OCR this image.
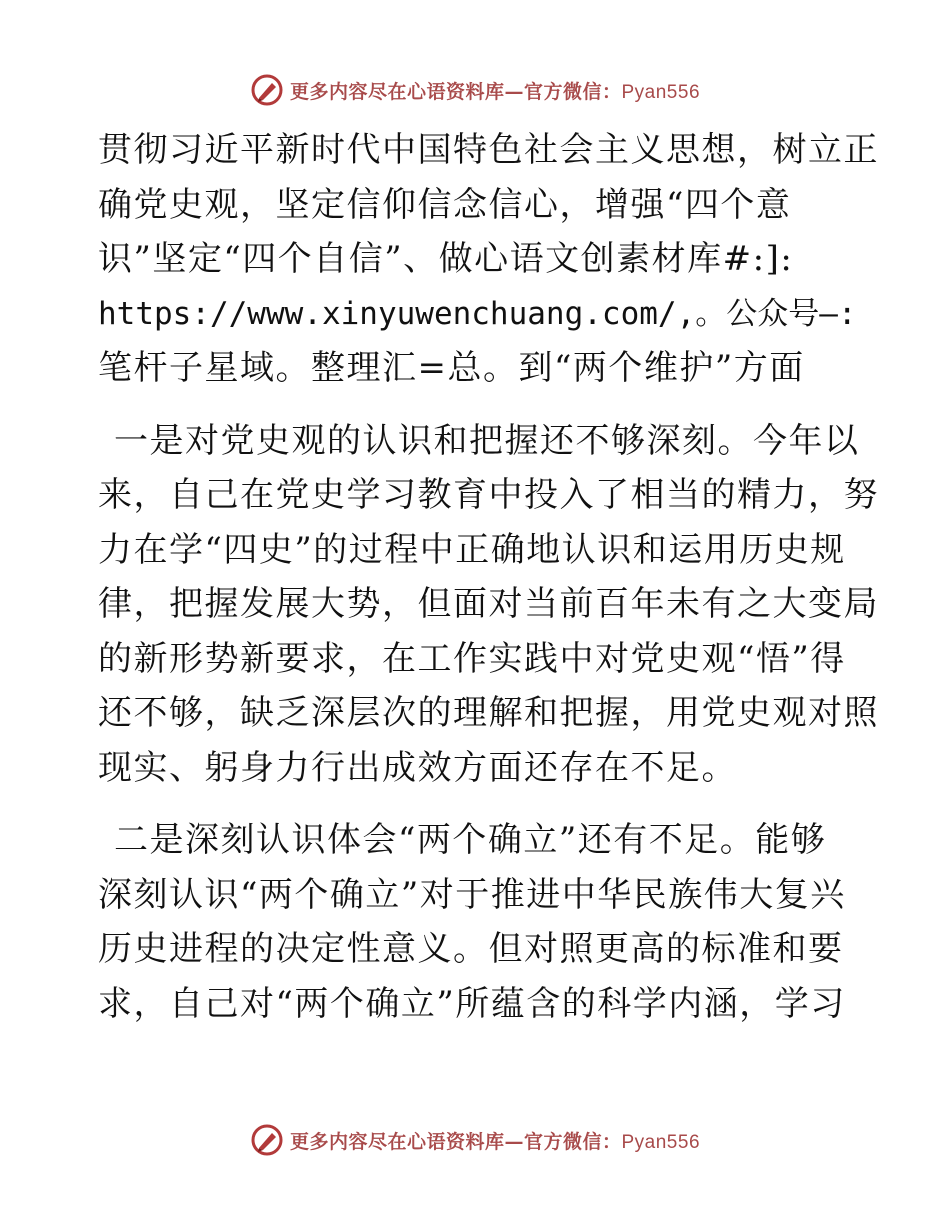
更多内容尽在心语资料库—官方微信：Pyan556
贯彻习近平新时代中国特色社会主义思想，树立正
确党史观，坚定信仰信念信心，增强“四个意
识”坚定“四个自信”、做心语文创素材库#:]:
https://www.xinyuwenchuang.com/,。公众号—:
笔杆子星域。整理汇=总。到“两个维护”方面
一是对党史观的认识和把握还不够深刻。今年以
来，自己在党史学习教育中投入了相当的精力，努
力在学“四史”的过程中正确地认识和运用历史规
律，把握发展大势，但面对当前百年未有之大变局
的新形势新要求，在工作实践中对党史观“悟”得
还不够，缺乏深层次的理解和把握，用党史观对照
现实、躬身力行出成效方面还存在不足。
二是深刻认识体会“两个确立”还有不足。能够
深刻认识“两个确立”对于推进中华民族伟大复兴
历史进程的决定性意义。但对照更高的标准和要
求，自己对“两个确立”所蕴含的科学内涵，学习
更多内容尽在心语资料库—官方微信：Pyan556
